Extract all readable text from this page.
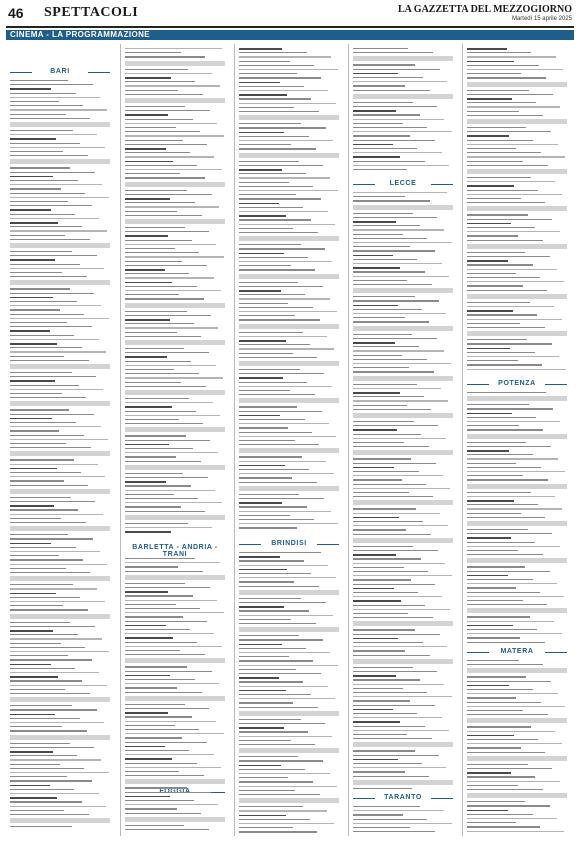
46 SPETTACOLI	LA GAZZETTA DEL MEZZOGIORNO
Martedì 15 aprile 2025
CINEMA - LA PROGRAMMAZIONE
BARI
BARLETTA - ANDRIA - TRANI
BRINDISI
LECCE
TARANTO
POTENZA
MATERA
